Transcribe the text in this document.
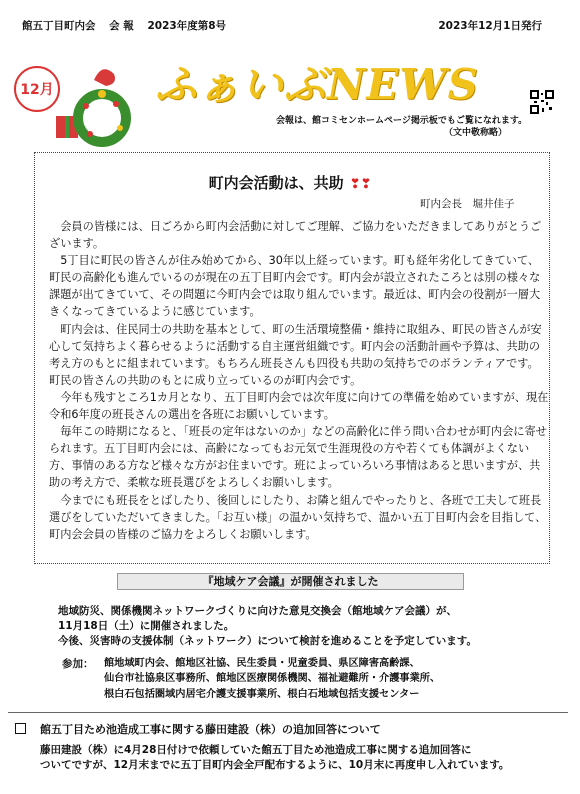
館五丁目町内会 会 報 2023年度第8号	2023年12月1日発行
12月 ふぁいぶNEWS
会報は、館コミセンホームページ掲示板でもご覧になれます。
（文中敬称略）
町内会活動は、共助 ❣❣
町内会長　堀井佳子

会員の皆様には、日ごろから町内会活動に対してご理解、ご協力をいただきましてありがとうございます。

5丁目に町民の皆さんが住み始めてから、30年以上経っています。町も経年劣化してきていて、町民の高齢化も進んでいるのが現在の五丁目町内会です。町内会が設立されたころとは別の様々な課題が出てきていて、その問題に今町内会では取り組んでいます。最近は、町内会の役割が一層大きくなってきているように感じています。

町内会は、住民同士の共助を基本として、町の生活環境整備・維持に取組み、町民の皆さんが安心して気持ちよく暮らせるように活動する自主運営組織です。町内会の活動計画や予算は、共助の考え方のもとに組まれています。もちろん班長さんも四役も共助の気持ちでのボランティアです。町民の皆さんの共助のもとに成り立っているのが町内会です。

今年も残すところ1カ月となり、五丁目町内会では次年度に向けての準備を始めていますが、現在令和6年度の班長さんの選出を各班にお願いしています。

毎年この時期になると、「班長の定年はないのか」などの高齢化に伴う問い合わせが町内会に寄せられます。五丁目町内会には、高齢になってもお元気で生涯現役の方や若くても体調がよくない方、事情のある方など様々な方がお住まいです。班によっていろいろ事情はあると思いますが、共助の考え方で、柔軟な班長選びをよろしくお願いします。

今までにも班長をとばしたり、後回しにしたり、お隣と組んでやったりと、各班で工夫して班長選びをしていただいてきました。「お互い様」の温かい気持ちで、温かい五丁目町内会を目指して、町内会会員の皆様のご協力をよろしくお願いします。

『地域ケア会議』が開催されました

地域防災、関係機関ネットワークづくりに向けた意見交換会（館地域ケア会議）が、

11月18日（土）に開催されました。

今後、災害時の支援体制（ネットワーク）について検討を進めることを予定しています。

参加： 館地域町内会、館地区社協、民生委員・児童委員、県区障害高齢課、

仙台市社協泉区事務所、館地区医療関係機関、福祉避難所・介護事業所、

根白石包括圏域内居宅介護支援事業所、根白石地域包括支援センター

館五丁目ため池造成工事に関する藤田建設（株）の追加回答について

藤田建設（株）に4月28日付けで依頼していた館五丁目ため池造成工事に関する追加回答に

ついてですが、12月末までに五丁目町内会全戸配布するように、10月末に再度申し入れています。
